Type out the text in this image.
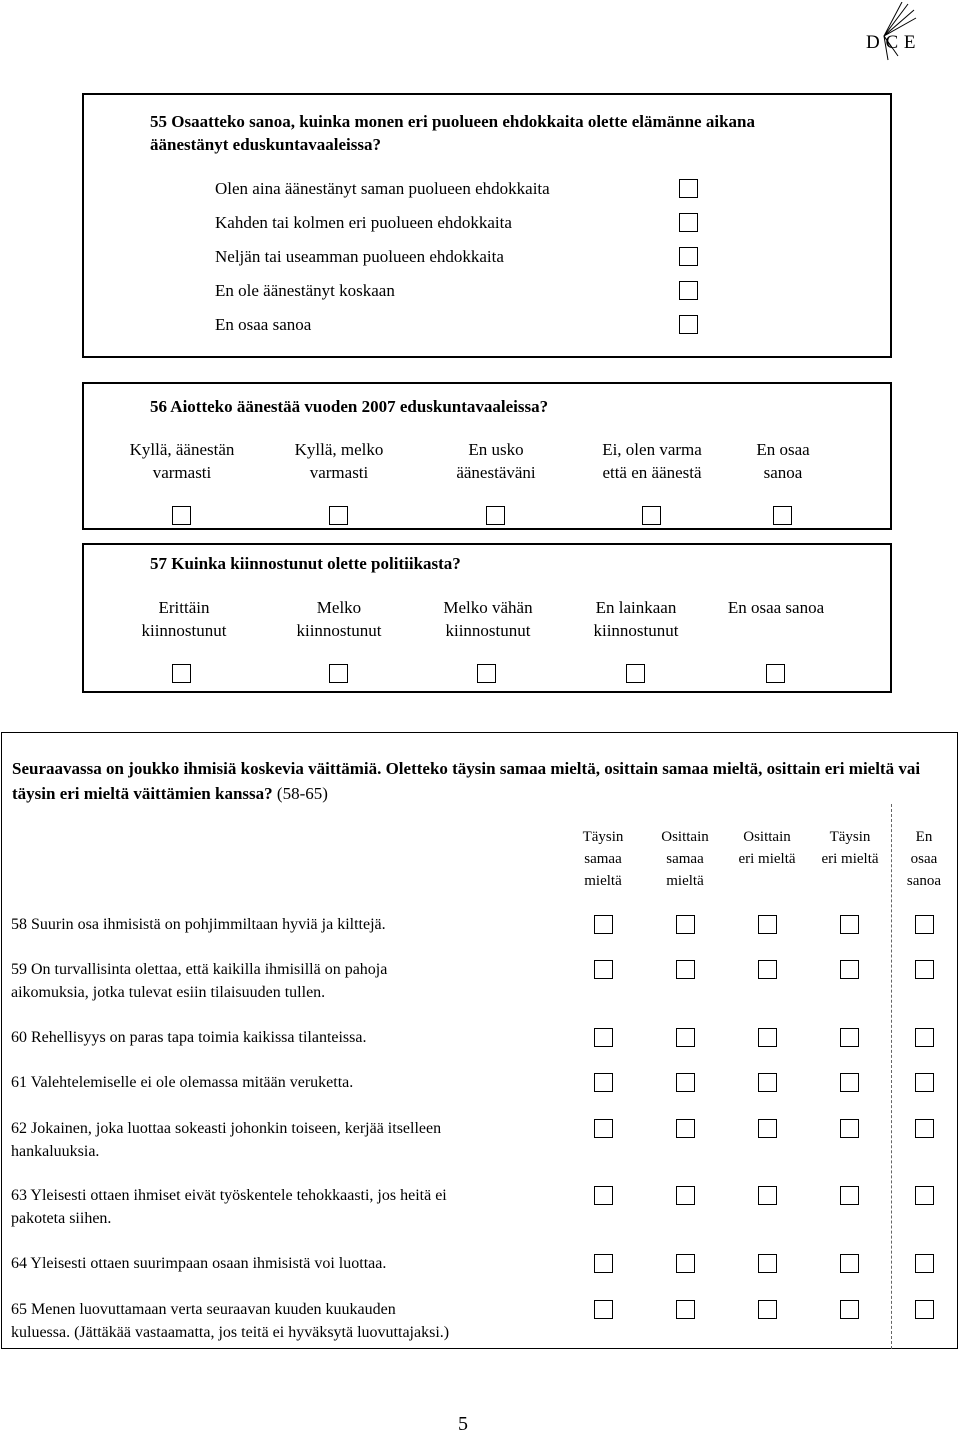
D C E
55 Osaatteko sanoa, kuinka monen eri puolueen ehdokkaita olette elämänne aikana äänestänyt eduskuntavaaleissa?
Olen aina äänestänyt saman puolueen ehdokkaita
Kahden tai kolmen eri puolueen ehdokkaita
Neljän tai useamman puolueen ehdokkaita
En ole äänestänyt koskaan
En osaa sanoa
56 Aiotteko äänestää vuoden 2007 eduskuntavaaleissa?
Kyllä, äänestän
varmasti
Kyllä, melko
varmasti
En usko
äänestäväni
Ei, olen varma
että en äänestä
En osaa
sanoa
57 Kuinka kiinnostunut olette politiikasta?
Erittäin
kiinnostunut
Melko
kiinnostunut
Melko vähän
kiinnostunut
En lainkaan
kiinnostunut
En osaa sanoa
Seuraavassa on joukko ihmisiä koskevia väittämiä. Oletteko täysin samaa mieltä, osittain samaa mieltä, osittain eri mieltä vai täysin eri mieltä väittämien kanssa? (58-65)
Täysin
samaa
mieltä
Osittain
samaa
mieltä
Osittain
eri mieltä
Täysin
eri mieltä
En
osaa
sanoa
58 Suurin osa ihmisistä on pohjimmiltaan hyviä ja kilttejä.
59 On turvallisinta olettaa, että kaikilla ihmisillä on pahoja
aikomuksia, jotka tulevat esiin tilaisuuden tullen.
60 Rehellisyys on paras tapa toimia kaikissa tilanteissa.
61 Valehtelemiselle ei ole olemassa mitään veruketta.
62 Jokainen, joka luottaa sokeasti johonkin toiseen, kerjää itselleen
hankaluuksia.
63 Yleisesti ottaen ihmiset eivät työskentele tehokkaasti, jos heitä ei
pakoteta siihen.
64 Yleisesti ottaen suurimpaan osaan ihmisistä voi luottaa.
65 Menen luovuttamaan verta seuraavan kuuden kuukauden
kuluessa. (Jättäkää vastaamatta, jos teitä ei hyväksytä luovuttajaksi.)
5
